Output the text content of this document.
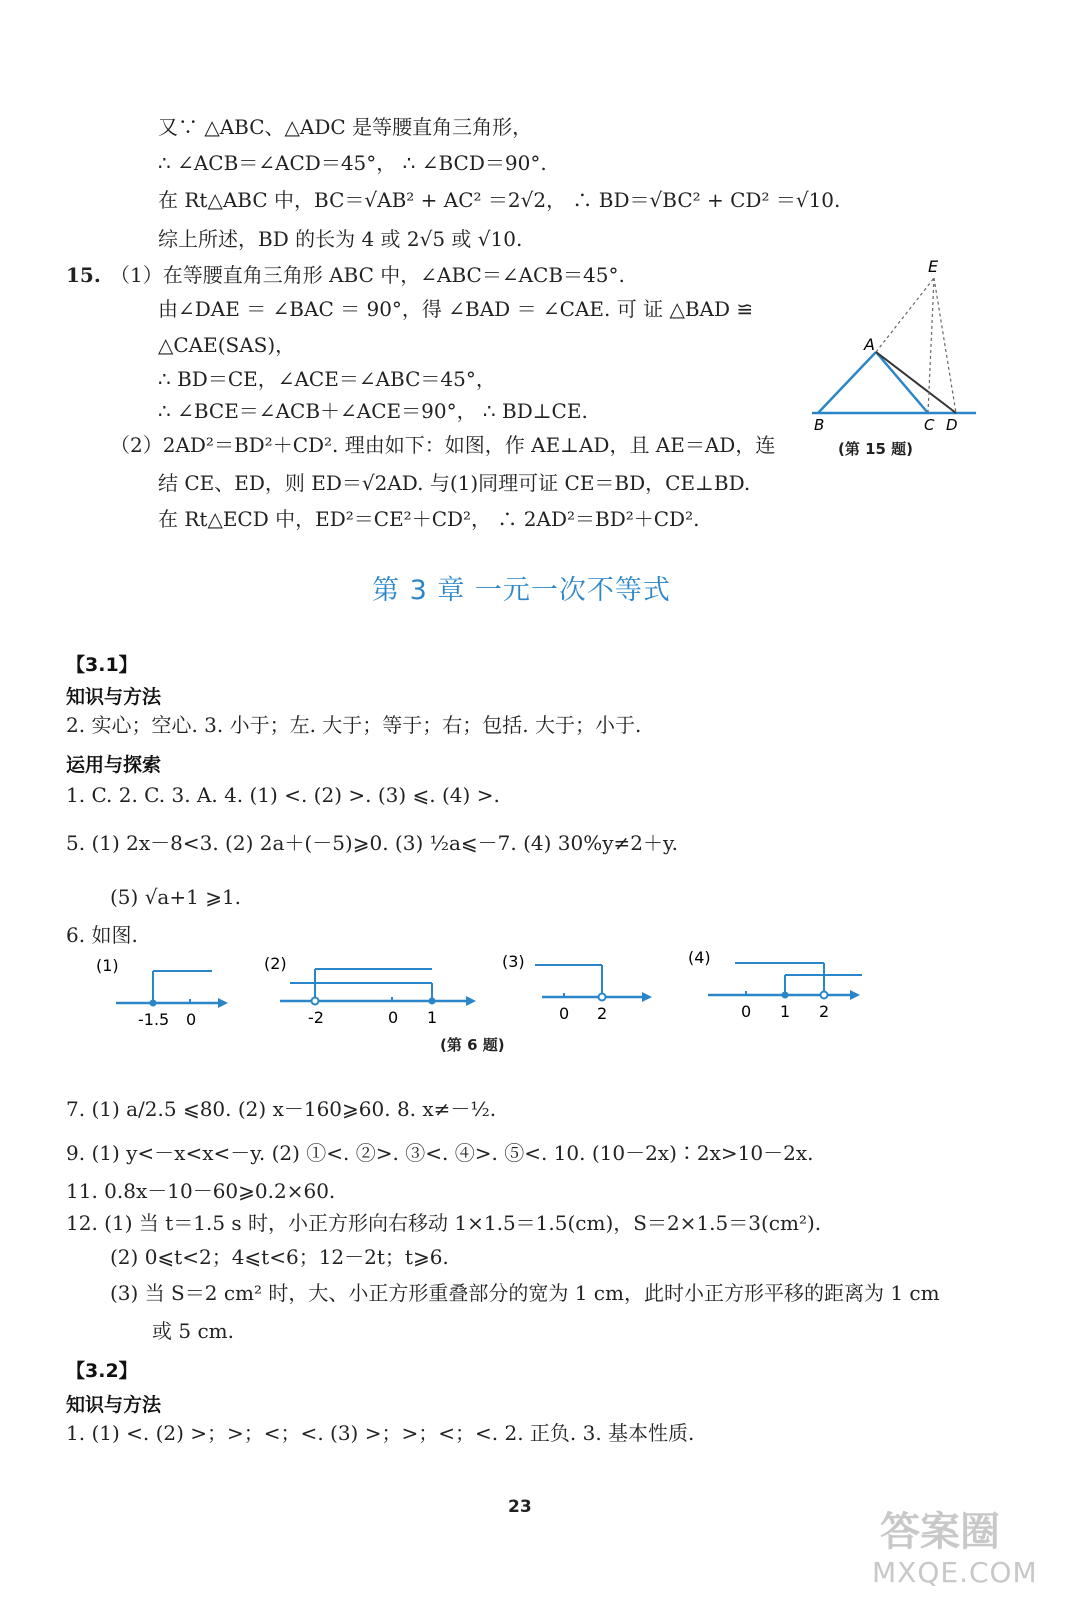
又∵ △ABC、△ADC 是等腰直角三角形，
∴ ∠ACB＝∠ACD＝45°， ∴ ∠BCD＝90°.
在 Rt△ABC 中，BC＝√AB² + AC² ＝2√2， ∴ BD＝√BC² + CD² ＝√10.
综上所述，BD 的长为 4 或 2√5 或 √10.
15. （1）在等腰直角三角形 ABC 中，∠ABC＝∠ACB＝45°.
由∠DAE ＝ ∠BAC ＝ 90°，得 ∠BAD ＝ ∠CAE. 可 证 △BAD ≌
△CAE(SAS)，
∴ BD＝CE，∠ACE＝∠ABC＝45°，
∴ ∠BCE＝∠ACB＋∠ACE＝90°， ∴ BD⊥CE.
（2）2AD²＝BD²＋CD². 理由如下：如图，作 AE⊥AD，且 AE＝AD，连
结 CE、ED，则 ED＝√2AD. 与(1)同理可证 CE＝BD，CE⊥BD.
在 Rt△ECD 中，ED²＝CE²＋CD²， ∴ 2AD²＝BD²＋CD².
E
A
B	C D
(第 15 题)
第 3 章 一元一次不等式
【3.1】
知识与方法
2. 实心；空心. 3. 小于；左. 大于；等于；右；包括. 大于；小于.
运用与探索
1. C. 2. C. 3. A. 4. (1) <. (2) >. (3) ⩽. (4) >.
5. (1) 2x－8<3. (2) 2a＋(－5)⩾0. (3) ½a⩽－7. (4) 30%y≠2＋y.
(5) √a+1 ⩾1.
6. 如图.
(1)
-1.5 0
(2)
-2	0 1
(3)
0 2
(4)
0 1 2
(第 6 题)
7. (1) a/2.5 ⩽80. (2) x－160⩾60. 8. x≠－½.
9. (1) y<－x<x<－y. (2) ①<. ②>. ③<. ④>. ⑤<. 10. (10－2x)∶2x>10－2x.
11. 0.8x－10－60⩾0.2×60.
12. (1) 当 t＝1.5 s 时，小正方形向右移动 1×1.5＝1.5(cm)，S＝2×1.5＝3(cm²).
(2) 0⩽t<2；4⩽t<6；12－2t；t⩾6.
(3) 当 S＝2 cm² 时，大、小正方形重叠部分的宽为 1 cm，此时小正方形平移的距离为 1 cm
或 5 cm.
【3.2】
知识与方法
1. (1) <. (2) >；>；<；<. (3) >；>；<；<. 2. 正负. 3. 基本性质.
23
答案圈
MXQE.COM
